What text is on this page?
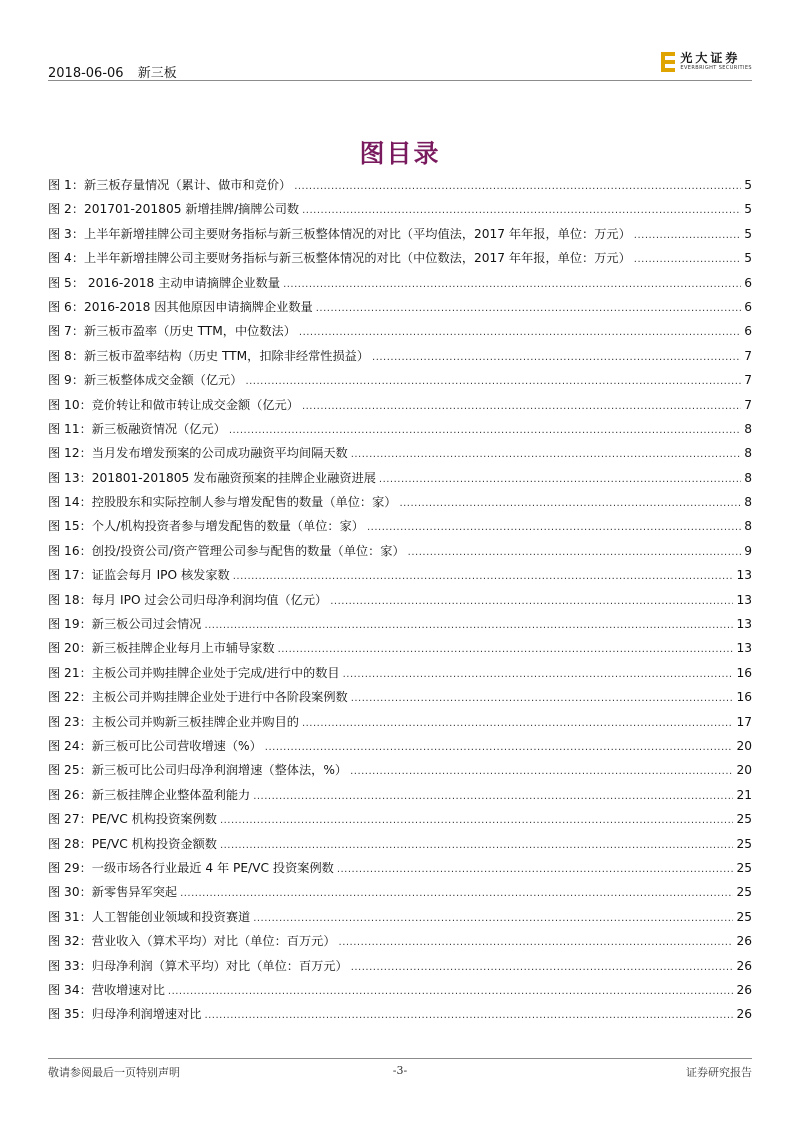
2018-06-06 新三板
光大证券
EVERBRIGHT SECURITIES
图目录
图 1：新三板存量情况（累计、做市和竞价） .....	5
图 2：201701-201805 新增挂牌/摘牌公司数 .....	5
图 3：上半年新增挂牌公司主要财务指标与新三板整体情况的对比（平均值法，2017 年年报，单位：万元） .....	5
图 4：上半年新增挂牌公司主要财务指标与新三板整体情况的对比（中位数法，2017 年年报，单位：万元） .....	5
图 5： 2016-2018 主动申请摘牌企业数量 .....	6
图 6：2016-2018 因其他原因申请摘牌企业数量 .....	6
图 7：新三板市盈率（历史 TTM，中位数法） .....	6
图 8：新三板市盈率结构（历史 TTM，扣除非经常性损益） .....	7
图 9：新三板整体成交金额（亿元） .....	7
图 10：竞价转让和做市转让成交金额（亿元） .....	7
图 11：新三板融资情况（亿元） .....	8
图 12：当月发布增发预案的公司成功融资平均间隔天数 .....	8
图 13：201801-201805 发布融资预案的挂牌企业融资进展 .....	8
图 14：控股股东和实际控制人参与增发配售的数量（单位：家） .....	8
图 15：个人/机构投资者参与增发配售的数量（单位：家） .....	8
图 16：创投/投资公司/资产管理公司参与配售的数量（单位：家） .....	9
图 17：证监会每月 IPO 核发家数 .....	13
图 18：每月 IPO 过会公司归母净利润均值（亿元） .....	13
图 19：新三板公司过会情况 .....	13
图 20：新三板挂牌企业每月上市辅导家数 .....	13
图 21：主板公司并购挂牌企业处于完成/进行中的数目 .....	16
图 22：主板公司并购挂牌企业处于进行中各阶段案例数 .....	16
图 23：主板公司并购新三板挂牌企业并购目的 .....	17
图 24：新三板可比公司营收增速（%） .....	20
图 25：新三板可比公司归母净利润增速（整体法，%） .....	20
图 26：新三板挂牌企业整体盈利能力 .....	21
图 27：PE/VC 机构投资案例数 .....	25
图 28：PE/VC 机构投资金额数 .....	25
图 29：一级市场各行业最近 4 年 PE/VC 投资案例数 .....	25
图 30：新零售异军突起 .....	25
图 31：人工智能创业领域和投资赛道 .....	25
图 32：营业收入（算术平均）对比（单位：百万元） .....	26
图 33：归母净利润（算术平均）对比（单位：百万元） .....	26
图 34：营收增速对比 .....	26
图 35：归母净利润增速对比 .....	26
敬请参阅最后一页特别声明	-3-	证券研究报告
